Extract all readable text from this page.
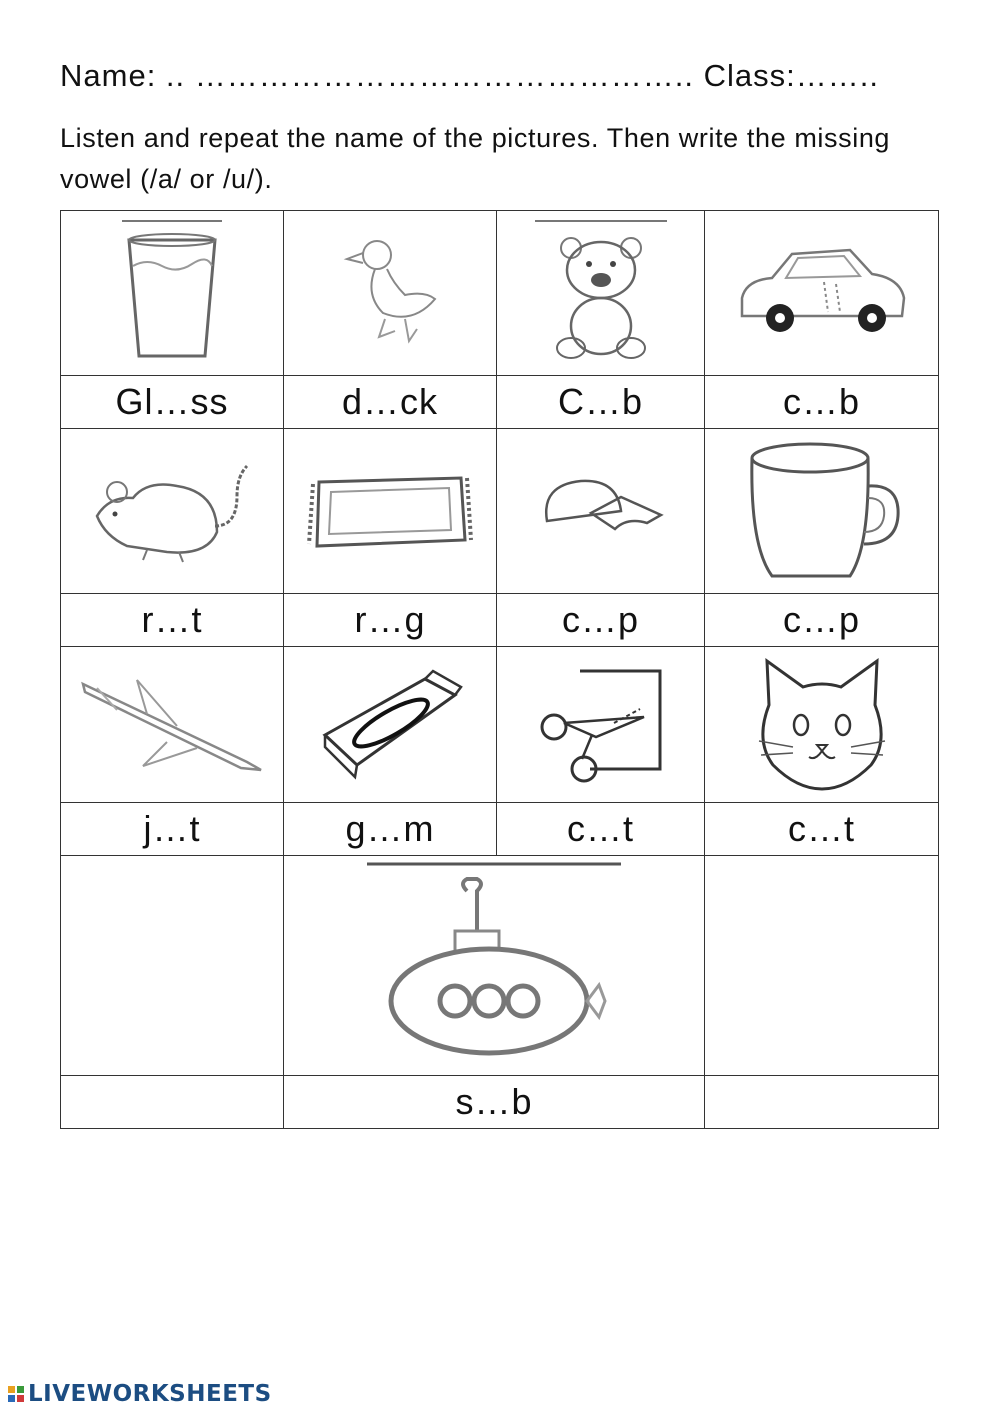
Name: .. ……………………………………….. Class:……..
Listen and repeat the name of the pictures. Then write the missing vowel (/a/ or /u/).

Gl…ss	d…ck	C…b	c…b

r…t	r…g	c…p	c…p

j…t	g…m	c…t	c…t

	s…b		
LIVEWORKSHEETS
